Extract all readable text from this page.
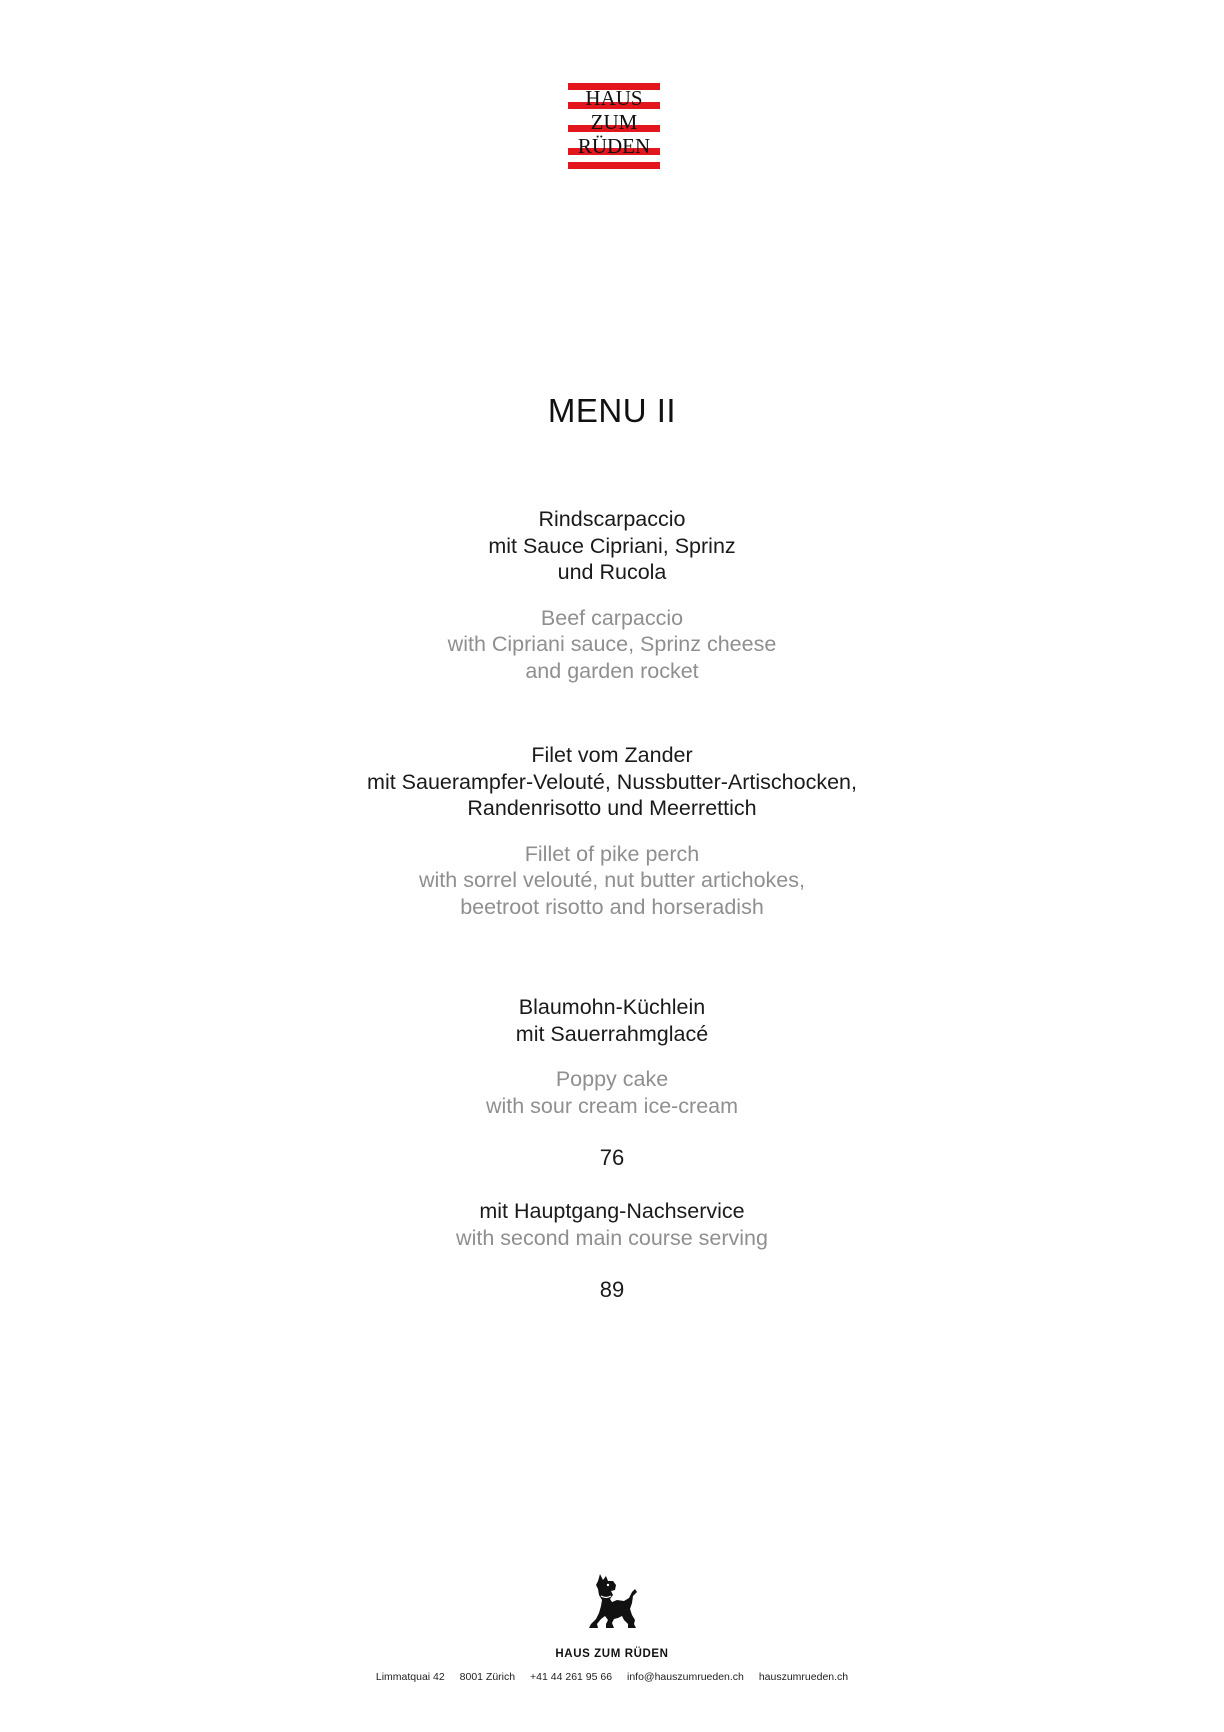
HAUS
ZUM
RÜDEN
MENU II
Rindscarpaccio
mit Sauce Cipriani, Sprinz
und Rucola
Beef carpaccio
with Cipriani sauce, Sprinz cheese
and garden rocket
Filet vom Zander
mit Sauerampfer-Velouté, Nussbutter-Artischocken,
Randenrisotto und Meerrettich
Fillet of pike perch
with sorrel velouté, nut butter artichokes,
beetroot risotto and horseradish
Blaumohn-Küchlein
mit Sauerrahmglacé
Poppy cake
with sour cream ice-cream
76
mit Hauptgang-Nachservice
with second main course serving
89
HAUS ZUM RÜDEN
Limmatquai 42 8001 Zürich +41 44 261 95 66 info@hauszumrueden.ch hauszumrueden.ch
